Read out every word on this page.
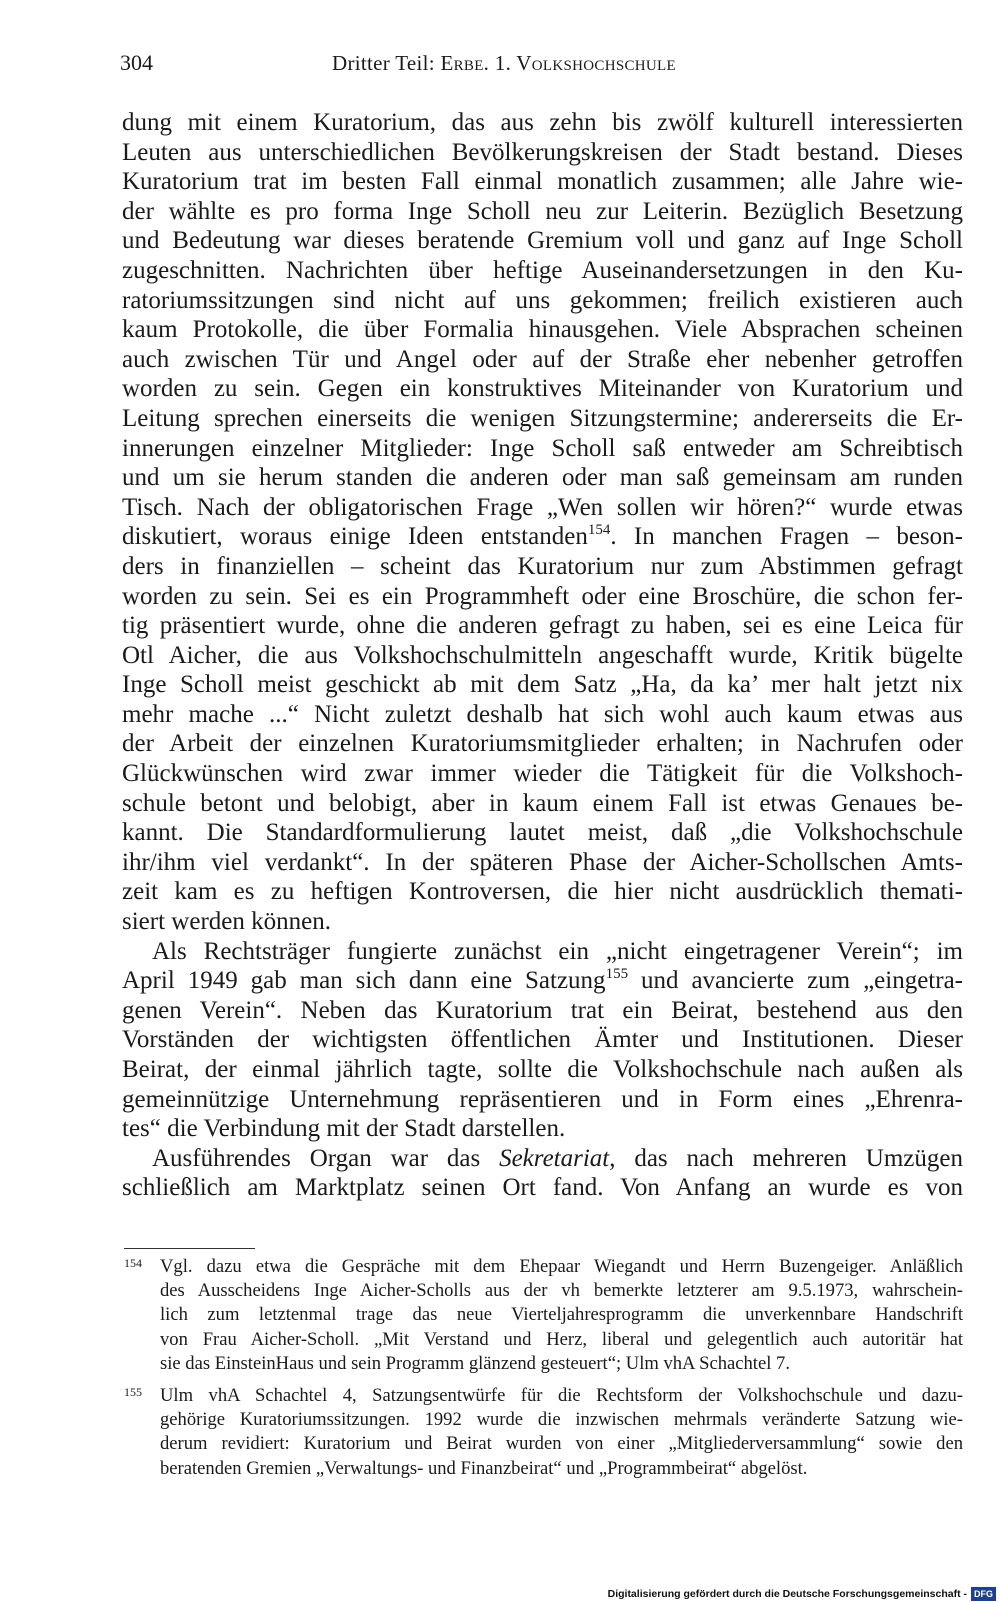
304	Dritter Teil: Erbe. 1. Volkshochschule
dung mit einem Kuratorium, das aus zehn bis zwölf kulturell interessierten
Leuten aus unterschiedlichen Bevölkerungskreisen der Stadt bestand. Dieses
Kuratorium trat im besten Fall einmal monatlich zusammen; alle Jahre wie-
der wählte es pro forma Inge Scholl neu zur Leiterin. Bezüglich Besetzung
und Bedeutung war dieses beratende Gremium voll und ganz auf Inge Scholl
zugeschnitten. Nachrichten über heftige Auseinandersetzungen in den Ku-
ratoriumssitzungen sind nicht auf uns gekommen; freilich existieren auch
kaum Protokolle, die über Formalia hinausgehen. Viele Absprachen scheinen
auch zwischen Tür und Angel oder auf der Straße eher nebenher getroffen
worden zu sein. Gegen ein konstruktives Miteinander von Kuratorium und
Leitung sprechen einerseits die wenigen Sitzungstermine; andererseits die Er-
innerungen einzelner Mitglieder: Inge Scholl saß entweder am Schreibtisch
und um sie herum standen die anderen oder man saß gemeinsam am runden
Tisch. Nach der obligatorischen Frage „Wen sollen wir hören?“ wurde etwas
diskutiert, woraus einige Ideen entstanden$^{154}$. In manchen Fragen – beson-
ders in finanziellen – scheint das Kuratorium nur zum Abstimmen gefragt
worden zu sein. Sei es ein Programmheft oder eine Broschüre, die schon fer-
tig präsentiert wurde, ohne die anderen gefragt zu haben, sei es eine Leica für
Otl Aicher, die aus Volkshochschulmitteln angeschafft wurde, Kritik bügelte
Inge Scholl meist geschickt ab mit dem Satz „Ha, da ka’ mer halt jetzt nix
mehr mache ...“ Nicht zuletzt deshalb hat sich wohl auch kaum etwas aus
der Arbeit der einzelnen Kuratoriumsmitglieder erhalten; in Nachrufen oder
Glückwünschen wird zwar immer wieder die Tätigkeit für die Volkshoch-
schule betont und belobigt, aber in kaum einem Fall ist etwas Genaues be-
kannt. Die Standardformulierung lautet meist, daß „die Volkshochschule
ihr/ihm viel verdankt“. In der späteren Phase der Aicher-Schollschen Amts-
zeit kam es zu heftigen Kontroversen, die hier nicht ausdrücklich themati-
siert werden können.
Als Rechtsträger fungierte zunächst ein „nicht eingetragener Verein“; im
April 1949 gab man sich dann eine Satzung$^{155}$ und avancierte zum „eingetra-
genen Verein“. Neben das Kuratorium trat ein Beirat, bestehend aus den
Vorständen der wichtigsten öffentlichen Ämter und Institutionen. Dieser
Beirat, der einmal jährlich tagte, sollte die Volkshochschule nach außen als
gemeinnützige Unternehmung repräsentieren und in Form eines „Ehrenra-
tes“ die Verbindung mit der Stadt darstellen.
Ausführendes Organ war das Sekretariat, das nach mehreren Umzügen
schließlich am Marktplatz seinen Ort fand. Von Anfang an wurde es von
154 Vgl. dazu etwa die Gespräche mit dem Ehepaar Wiegandt und Herrn Buzengeiger. Anläßlich
des Ausscheidens Inge Aicher-Scholls aus der vh bemerkte letzterer am 9.5.1973, wahrschein-
lich zum letztenmal trage das neue Vierteljahresprogramm die unverkennbare Handschrift
von Frau Aicher-Scholl. „Mit Verstand und Herz, liberal und gelegentlich auch autoritär hat
sie das EinsteinHaus und sein Programm glänzend gesteuert“; Ulm vhA Schachtel 7.
155 Ulm vhA Schachtel 4, Satzungsentwürfe für die Rechtsform der Volkshochschule und dazu-
gehörige Kuratoriumssitzungen. 1992 wurde die inzwischen mehrmals veränderte Satzung wie-
derum revidiert: Kuratorium und Beirat wurden von einer „Mitgliederversammlung“ sowie den
beratenden Gremien „Verwaltungs- und Finanzbeirat“ und „Programmbeirat“ abgelöst.
Digitalisierung gefördert durch die Deutsche Forschungsgemeinschaft - DFG
